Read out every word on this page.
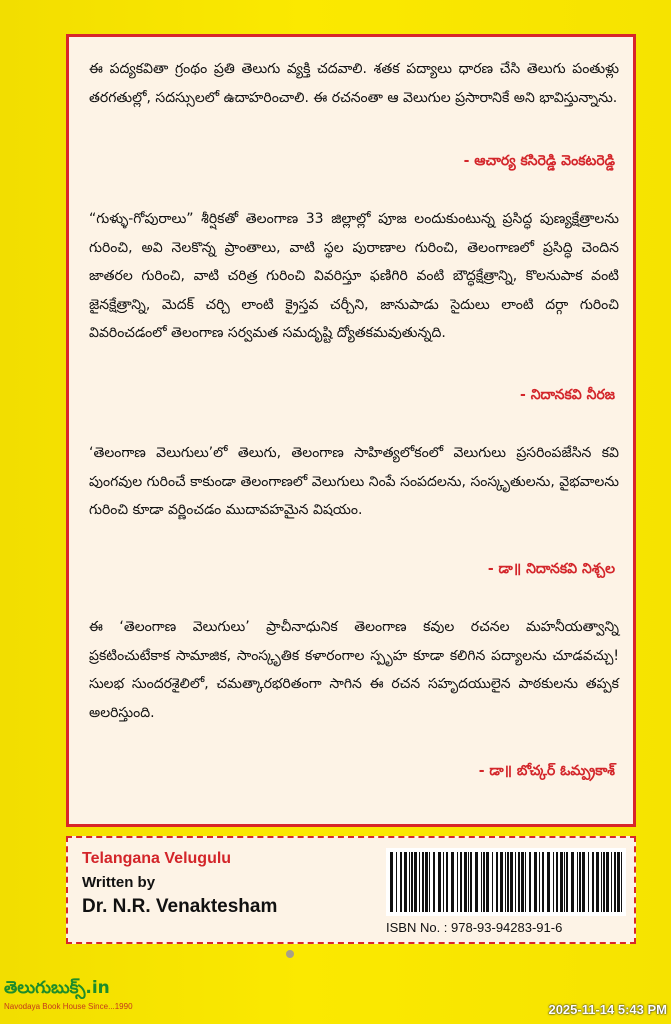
ఈ పద్యకవితా గ్రంథం ప్రతి తెలుగు వ్యక్తి చదవాలి. శతక పద్యాలు ధారణ చేసి తెలుగు పంతుళ్లు తరగతుల్లో, సదస్సులలో ఉదాహరించాలి. ఈ రచనంతా ఆ వెలుగుల ప్రసారానికే అని భావిస్తున్నాను.

- ఆచార్య కసిరెడ్డి వెంకటరెడ్డి

“గుళ్ళు-గోపురాలు” శీర్షికతో తెలంగాణ 33 జిల్లాల్లో పూజ లందుకుంటున్న ప్రసిద్ధ పుణ్యక్షేత్రాలను గురించి, అవి నెలకొన్న ప్రాంతాలు, వాటి స్థల పురాణాల గురించి, తెలంగాణలో ప్రసిద్ధి చెందిన జాతరల గురించి, వాటి చరిత్ర గురించి వివరిస్తూ ఫణిగిరి వంటి బౌద్ధక్షేత్రాన్ని, కొలనుపాక వంటి జైనక్షేత్రాన్ని, మెదక్ చర్చి లాంటి క్రైస్తవ చర్చీని, జానుపాడు సైదులు లాంటి దర్గా గురించి వివరించడంలో తెలంగాణ సర్వమత సమదృష్టి ద్యోతకమవుతున్నది.

- నిదానకవి నీరజ

‘తెలంగాణ వెలుగులు’లో తెలుగు, తెలంగాణ సాహిత్యలోకంలో వెలుగులు ప్రసరింపజేసిన కవి పుంగవుల గురించే కాకుండా తెలంగాణలో వెలుగులు నింపే సంపదలను, సంస్కృతులను, వైభవాలను గురించి కూడా వర్ణించడం ముదావహమైన విషయం.

- డా॥ నిదానకవి నిశ్చల

ఈ ‘తెలంగాణ వెలుగులు’ ప్రాచీనాధునిక తెలంగాణ కవుల రచనల మహనీయత్వాన్ని ప్రకటించుటేకాక సామాజిక, సాంస్కృతిక కళారంగాల స్పృహ కూడా కలిగిన పద్యాలను చూడవచ్చు! సులభ సుందరశైలిలో, చమత్కారభరితంగా సాగిన ఈ రచన సహృదయులైన పాఠకులను తప్పక అలరిస్తుంది.

- డా॥ బోచ్కర్ ఓమ్ప్రకాశ్
Telangana Velugulu
Written by
Dr. N.R. Venaktesham
ISBN No. : 978-93-94283-91-6
తెలుగుబుక్స్.in
Navodaya Book House Since...1990	2025-11-14 5:43 PM
